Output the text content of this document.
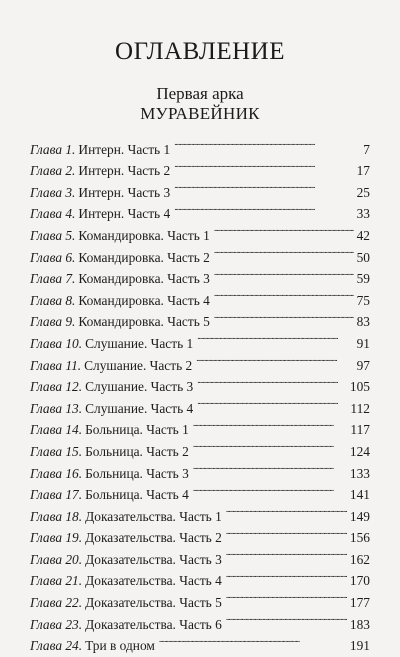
ОГЛАВЛЕНИЕ
Первая арка
МУРАВЕЙНИК
Глава 1. Интерн. Часть 1 . . .	7
Глава 2. Интерн. Часть 2 . . .	17
Глава 3. Интерн. Часть 3 . . .	25
Глава 4. Интерн. Часть 4 . . .	33
Глава 5. Командировка. Часть 1 . . .	42
Глава 6. Командировка. Часть 2 . . .	50
Глава 7. Командировка. Часть 3 . . .	59
Глава 8. Командировка. Часть 4 . . .	75
Глава 9. Командировка. Часть 5 . . .	83
Глава 10. Слушание. Часть 1 . . .	91
Глава 11. Слушание. Часть 2 . . .	97
Глава 12. Слушание. Часть 3 . . .	105
Глава 13. Слушание. Часть 4 . . .	112
Глава 14. Больница. Часть 1 . . .	117
Глава 15. Больница. Часть 2 . . .	124
Глава 16. Больница. Часть 3 . . .	133
Глава 17. Больница. Часть 4 . . .	141
Глава 18. Доказательства. Часть 1 . . .	149
Глава 19. Доказательства. Часть 2 . . .	156
Глава 20. Доказательства. Часть 3 . . .	162
Глава 21. Доказательства. Часть 4 . . .	170
Глава 22. Доказательства. Часть 5 . . .	177
Глава 23. Доказательства. Часть 6 . . .	183
Глава 24. Три в одном . . .	191
